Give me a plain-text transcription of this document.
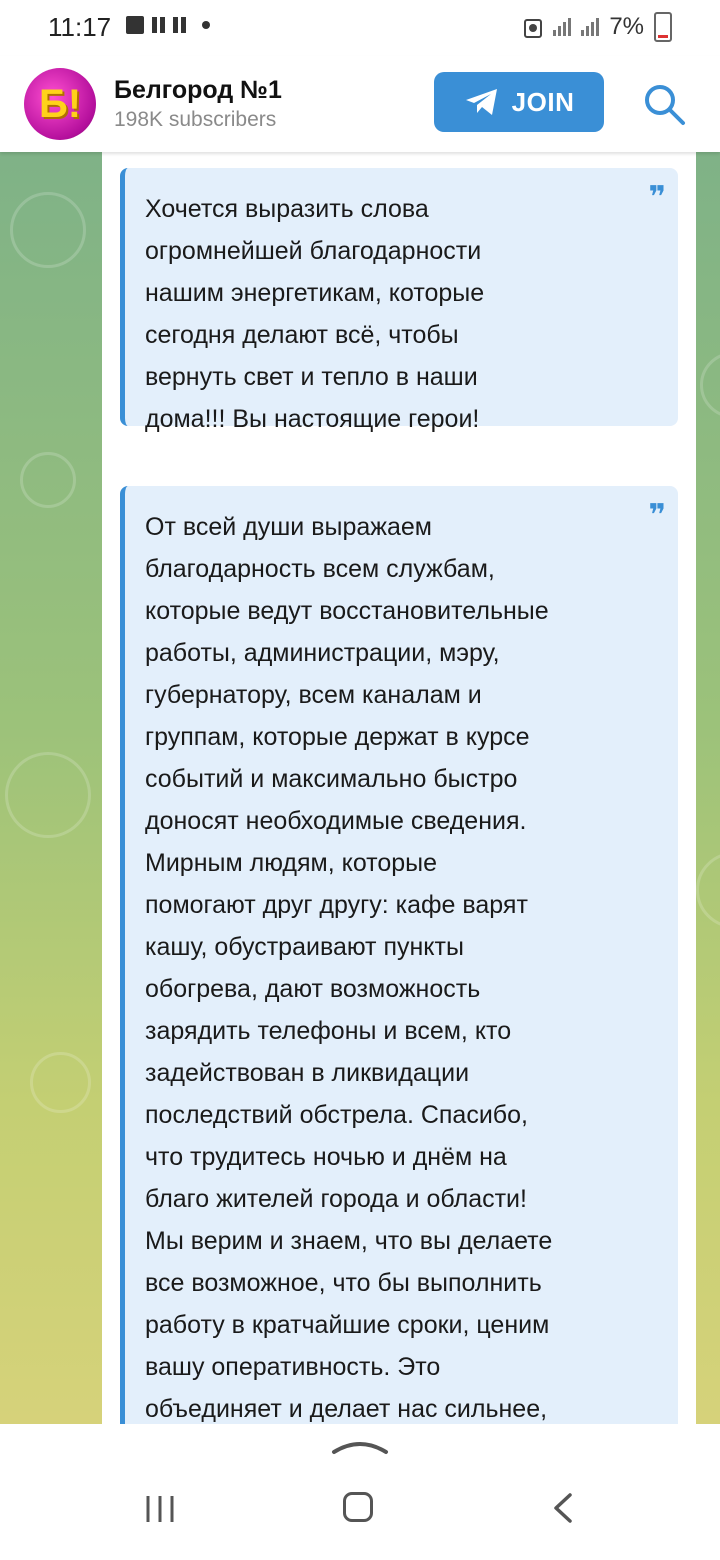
11:17	7%
Б! Белгород №1
198K subscribers
JOIN
❞
Хочется выразить слова
огромнейшей благодарности
нашим энергетикам, которые
сегодня делают всё, чтобы
вернуть свет и тепло в наши
дома!!! Вы настоящие герои!
❞
От всей души выражаем
благодарность всем службам,
которые ведут восстановительные
работы, администрации, мэру,
губернатору, всем каналам и
группам, которые держат в курсе
событий и максимально быстро
доносят необходимые сведения.
Мирным людям, которые
помогают друг другу: кафе варят
кашу, обустраивают пункты
обогрева, дают возможность
зарядить телефоны и всем, кто
задействован в ликвидации
последствий обстрела. Спасибо,
что трудитесь ночью и днём на
благо жителей города и области!
Мы верим и знаем, что вы делаете
все возможное, что бы выполнить
работу в кратчайшие сроки, ценим
вашу оперативность. Это
объединяет и делает нас сильнее,
